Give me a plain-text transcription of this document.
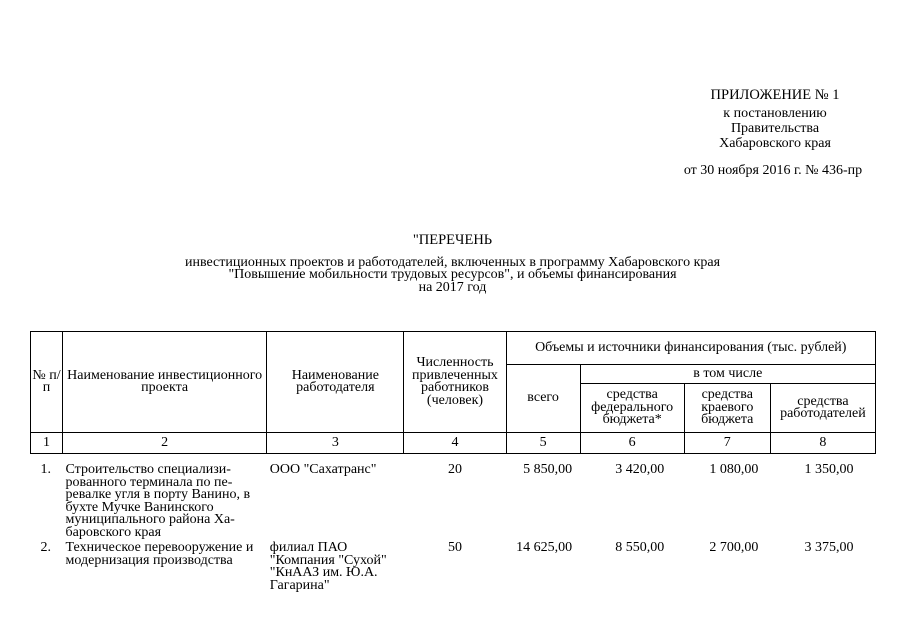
ПРИЛОЖЕНИЕ № 1
к постановлению
Правительства
Хабаровского края
от 30 ноября 2016 г. № 436-пр
"ПЕРЕЧЕНЬ
инвестиционных проектов и работодателей, включенных в программу Хабаровского края
"Повышение мобильности трудовых ресурсов", и объемы финансирования
на 2017 год
№ п/п	Наименование инвестиционного проекта	Наименование работодателя	Численность привлеченных работников (человек)	Объемы и источники финансирования (тыс. рублей)			
				всего	в том числе		
					средства федерального бюджета*	средства краевого бюджета	средства работодателей
1	2	3	4	5	6	7	8

1.	Строительство специализи-рованного терминала по пе-ревалке угля в порту Ванино, в бухте Мучке Ванинского муниципального района Ха-баровского края	ООО "Сахатранс"	20	5 850,00	3 420,00	1 080,00	1 350,00
2.	Техническое перевооружение и модернизация производства	филиал ПАО "Компания "Сухой" "КнААЗ им. Ю.А. Гагарина"	50	14 625,00	8 550,00	2 700,00	3 375,00
